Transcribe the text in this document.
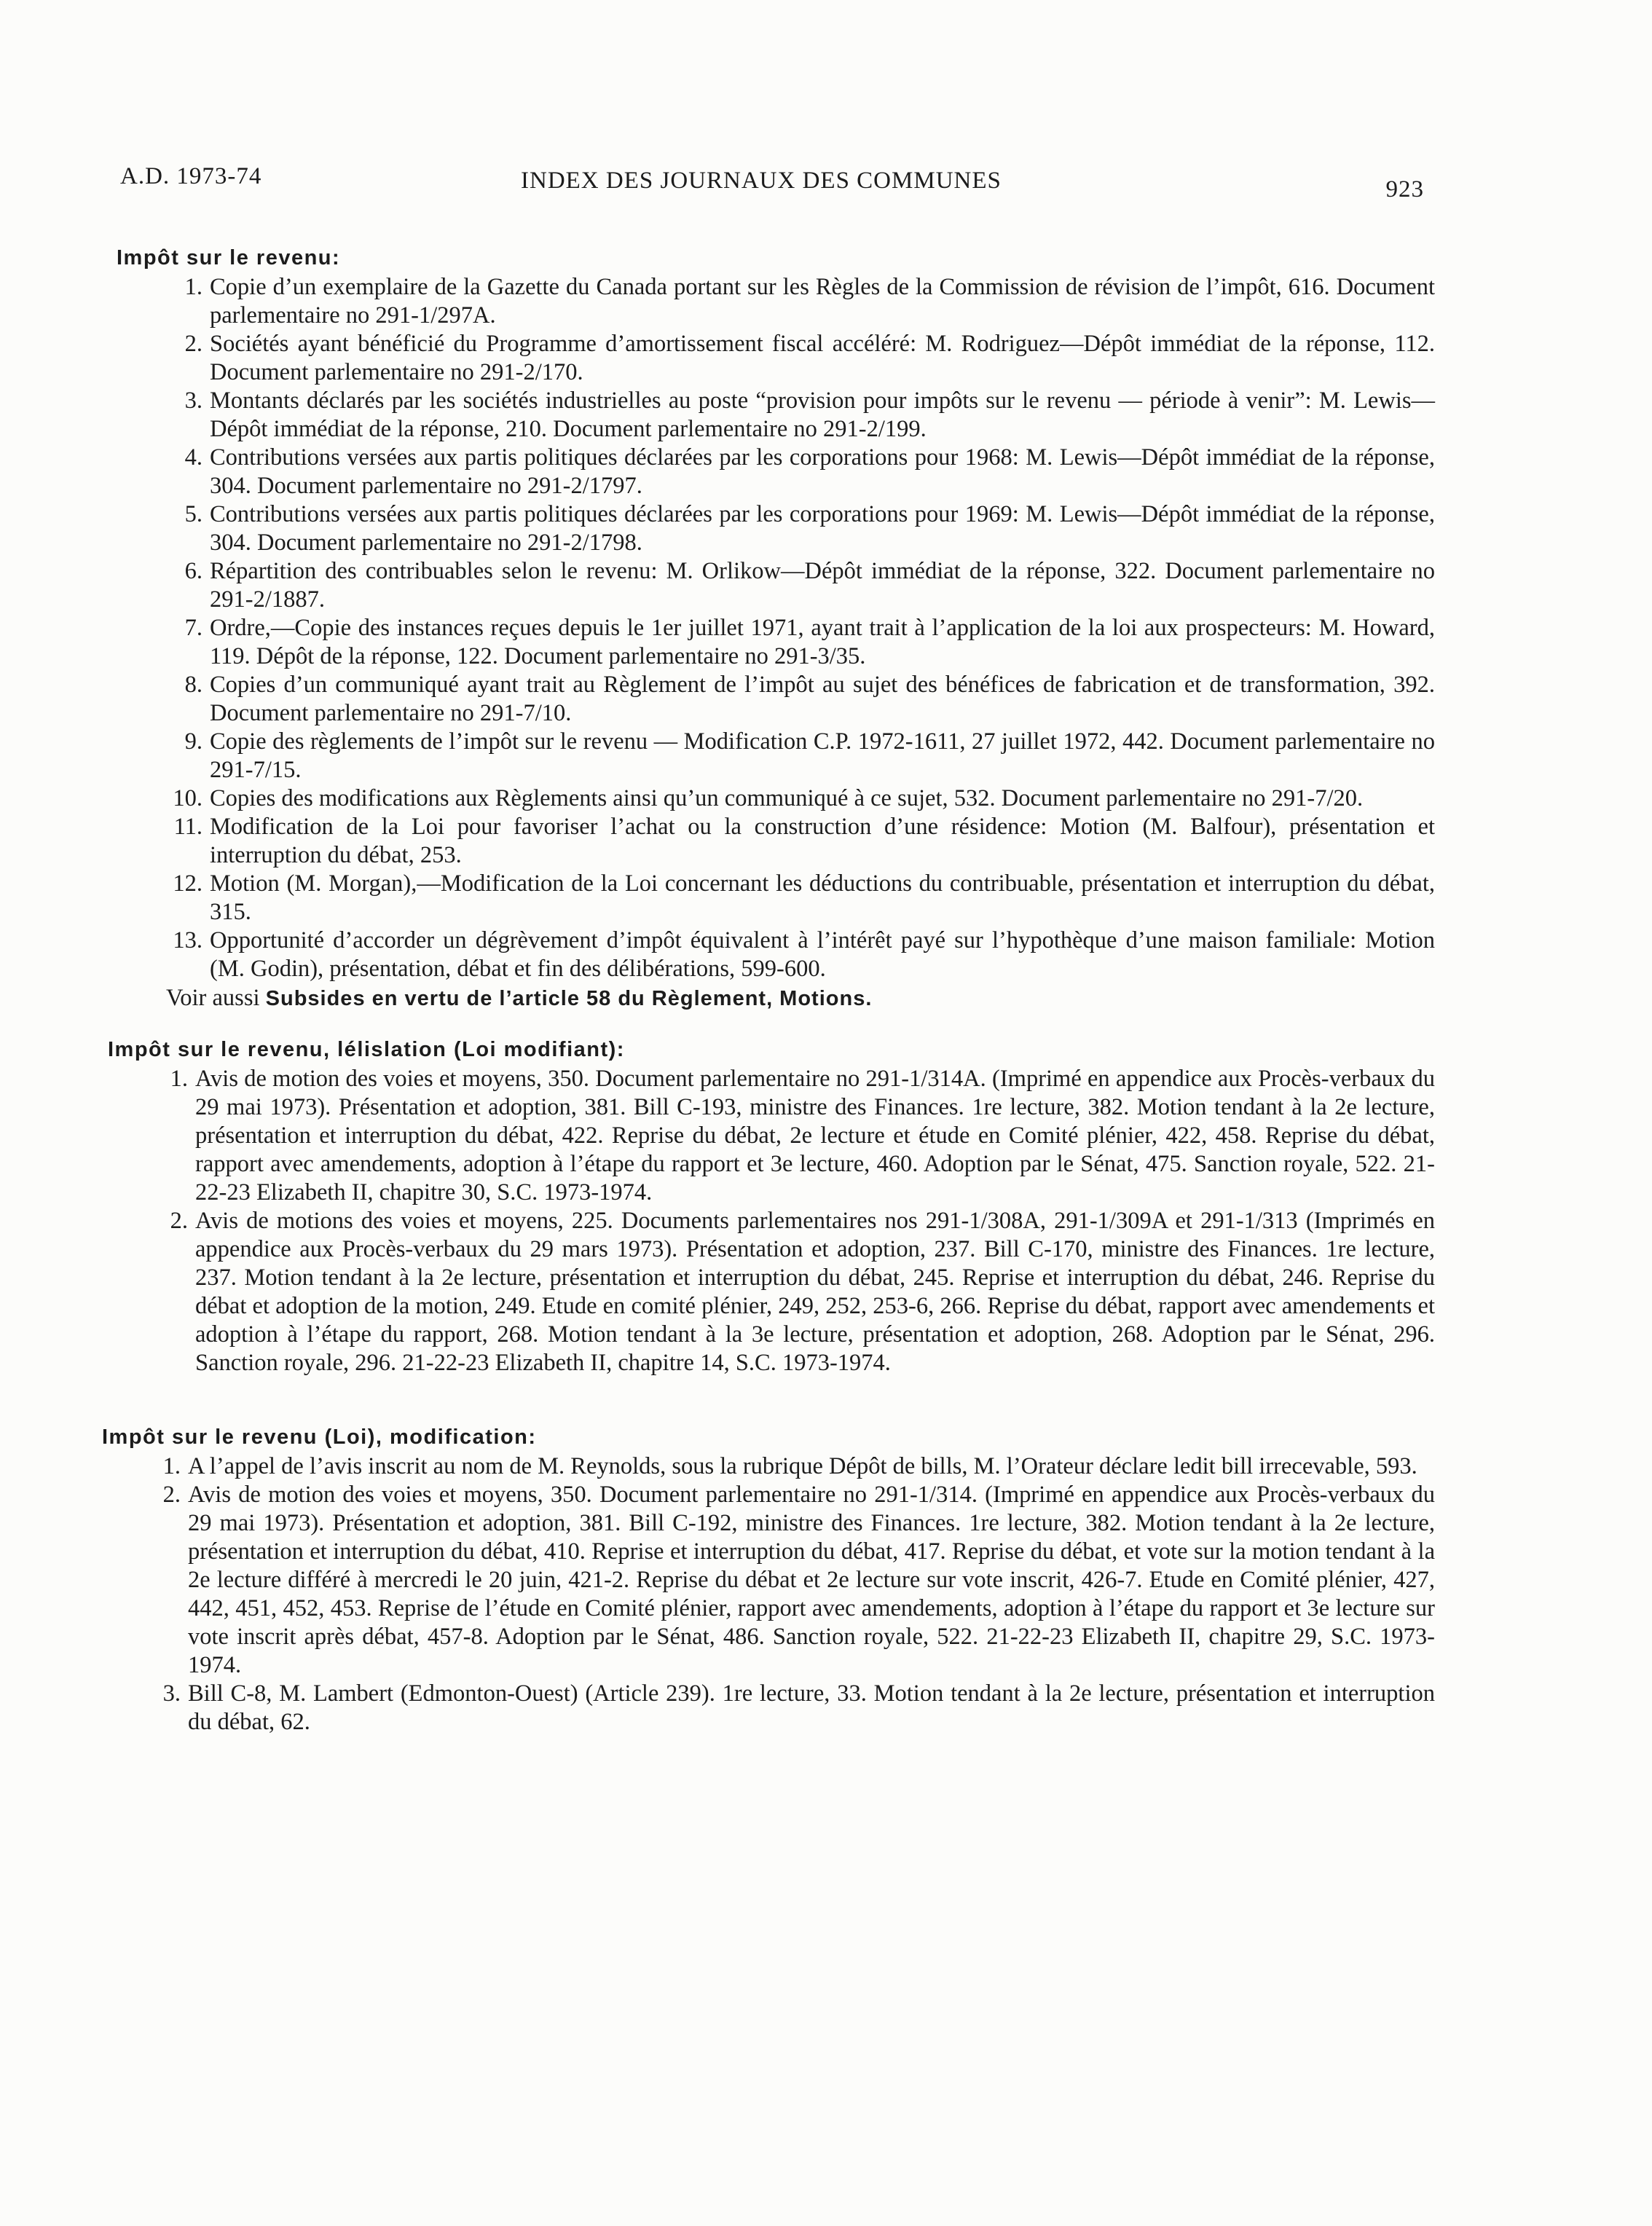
A.D. 1973-74	INDEX DES JOURNAUX DES COMMUNES	923
Impôt sur le revenu:
1. Copie d’un exemplaire de la Gazette du Canada portant sur les Règles de la Commission de révision de l’impôt, 616. Document parlementaire no 291-1/297A.
2. Sociétés ayant bénéficié du Programme d’amortissement fiscal accéléré: M. Rodriguez—Dépôt immédiat de la réponse, 112. Document parlementaire no 291-2/170.
3. Montants déclarés par les sociétés industrielles au poste “provision pour impôts sur le revenu — période à venir”: M. Lewis—Dépôt immédiat de la réponse, 210. Document parlementaire no 291-2/199.
4. Contributions versées aux partis politiques déclarées par les corporations pour 1968: M. Lewis—Dépôt immédiat de la réponse, 304. Document parlementaire no 291-2/1797.
5. Contributions versées aux partis politiques déclarées par les corporations pour 1969: M. Lewis—Dépôt immédiat de la réponse, 304. Document parlementaire no 291-2/1798.
6. Répartition des contribuables selon le revenu: M. Orlikow—Dépôt immédiat de la réponse, 322. Document parlementaire no 291-2/1887.
7. Ordre,—Copie des instances reçues depuis le 1er juillet 1971, ayant trait à l’application de la loi aux prospecteurs: M. Howard, 119. Dépôt de la réponse, 122. Document parlementaire no 291-3/35.
8. Copies d’un communiqué ayant trait au Règlement de l’impôt au sujet des bénéfices de fabrication et de transformation, 392. Document parlementaire no 291-7/10.
9. Copie des règlements de l’impôt sur le revenu — Modification C.P. 1972-1611, 27 juillet 1972, 442. Document parlementaire no 291-7/15.
10. Copies des modifications aux Règlements ainsi qu’un communiqué à ce sujet, 532. Document parlementaire no 291-7/20.
11. Modification de la Loi pour favoriser l’achat ou la construction d’une résidence: Motion (M. Balfour), présentation et interruption du débat, 253.
12. Motion (M. Morgan),—Modification de la Loi concernant les déductions du contribuable, présentation et interruption du débat, 315.
13. Opportunité d’accorder un dégrèvement d’impôt équivalent à l’intérêt payé sur l’hypothèque d’une maison familiale: Motion (M. Godin), présentation, débat et fin des délibérations, 599-600.
Voir aussi Subsides en vertu de l’article 58 du Règlement, Motions.
Impôt sur le revenu, lélislation (Loi modifiant):
1. Avis de motion des voies et moyens, 350. Document parlementaire no 291-1/314A. (Imprimé en appendice aux Procès-verbaux du 29 mai 1973). Présentation et adoption, 381. Bill C-193, ministre des Finances. 1re lecture, 382. Motion tendant à la 2e lecture, présentation et interruption du débat, 422. Reprise du débat, 2e lecture et étude en Comité plénier, 422, 458. Reprise du débat, rapport avec amendements, adoption à l’étape du rapport et 3e lecture, 460. Adoption par le Sénat, 475. Sanction royale, 522. 21-22-23 Elizabeth II, chapitre 30, S.C. 1973-1974.
2. Avis de motions des voies et moyens, 225. Documents parlementaires nos 291-1/308A, 291-1/309A et 291-1/313 (Imprimés en appendice aux Procès-verbaux du 29 mars 1973). Présentation et adoption, 237. Bill C-170, ministre des Finances. 1re lecture, 237. Motion tendant à la 2e lecture, présentation et interruption du débat, 245. Reprise et interruption du débat, 246. Reprise du débat et adoption de la motion, 249. Etude en comité plénier, 249, 252, 253-6, 266. Reprise du débat, rapport avec amendements et adoption à l’étape du rapport, 268. Motion tendant à la 3e lecture, présentation et adoption, 268. Adoption par le Sénat, 296. Sanction royale, 296. 21-22-23 Elizabeth II, chapitre 14, S.C. 1973-1974.
Impôt sur le revenu (Loi), modification:
1. A l’appel de l’avis inscrit au nom de M. Reynolds, sous la rubrique Dépôt de bills, M. l’Orateur déclare ledit bill irrecevable, 593.
2. Avis de motion des voies et moyens, 350. Document parlementaire no 291-1/314. (Imprimé en appendice aux Procès-verbaux du 29 mai 1973). Présentation et adoption, 381. Bill C-192, ministre des Finances. 1re lecture, 382. Motion tendant à la 2e lecture, présentation et interruption du débat, 410. Reprise et interruption du débat, 417. Reprise du débat, et vote sur la motion tendant à la 2e lecture différé à mercredi le 20 juin, 421-2. Reprise du débat et 2e lecture sur vote inscrit, 426-7. Etude en Comité plénier, 427, 442, 451, 452, 453. Reprise de l’étude en Comité plénier, rapport avec amendements, adoption à l’étape du rapport et 3e lecture sur vote inscrit après débat, 457-8. Adoption par le Sénat, 486. Sanction royale, 522. 21-22-23 Elizabeth II, chapitre 29, S.C. 1973-1974.
3. Bill C-8, M. Lambert (Edmonton-Ouest) (Article 239). 1re lecture, 33. Motion tendant à la 2e lecture, présentation et interruption du débat, 62.
